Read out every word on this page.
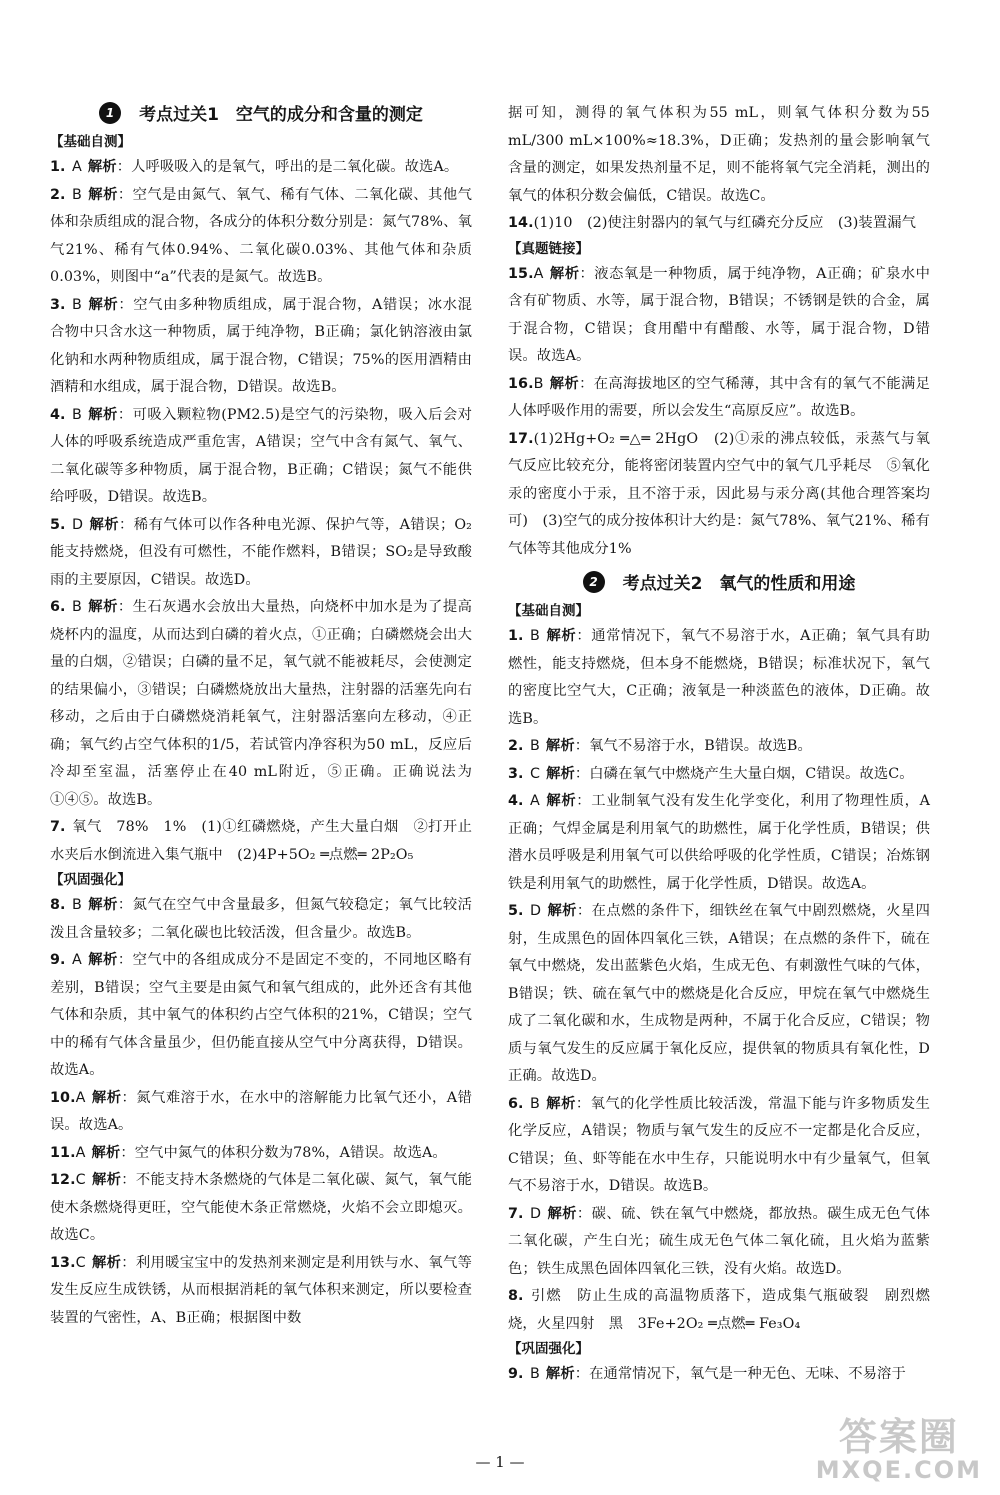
1	考点过关1　空气的成分和含量的测定

【基础自测】

1. A 解析：人呼吸吸入的是氧气，呼出的是二氧化碳。故选A。

2. B 解析：空气是由氮气、氧气、稀有气体、二氧化碳、其他气体和杂质组成的混合物，各成分的体积分数分别是：氮气78%、氧气21%、稀有气体0.94%、二氧化碳0.03%、其他气体和杂质0.03%，则图中“a”代表的是氮气。故选B。

3. B 解析：空气由多种物质组成，属于混合物，A错误；冰水混合物中只含水这一种物质，属于纯净物，B正确；氯化钠溶液由氯化钠和水两种物质组成，属于混合物，C错误；75%的医用酒精由酒精和水组成，属于混合物，D错误。故选B。

4. B 解析：可吸入颗粒物(PM2.5)是空气的污染物，吸入后会对人体的呼吸系统造成严重危害，A错误；空气中含有氮气、氧气、二氧化碳等多种物质，属于混合物，B正确；C错误；氮气不能供给呼吸，D错误。故选B。

5. D 解析：稀有气体可以作各种电光源、保护气等，A错误；O₂能支持燃烧，但没有可燃性，不能作燃料，B错误；SO₂是导致酸雨的主要原因，C错误。故选D。

6. B 解析：生石灰遇水会放出大量热，向烧杯中加水是为了提高烧杯内的温度，从而达到白磷的着火点，①正确；白磷燃烧会出大量的白烟，②错误；白磷的量不足，氧气就不能被耗尽，会使测定的结果偏小，③错误；白磷燃烧放出大量热，注射器的活塞先向右移动，之后由于白磷燃烧消耗氧气，注射器活塞向左移动，④正确；氧气约占空气体积的1/5，若试管内净容积为50 mL，反应后冷却至室温，活塞停止在40 mL附近，⑤正确。正确说法为①④⑤。故选B。

7. 氧气　78%　1%　(1)①红磷燃烧，产生大量白烟　②打开止水夹后水倒流进入集气瓶中　(2)4P+5O₂ ═点燃═ 2P₂O₅

【巩固强化】

8. B 解析：氮气在空气中含量最多，但氮气较稳定；氧气比较活泼且含量较多；二氧化碳也比较活泼，但含量少。故选B。

9. A 解析：空气中的各组成成分不是固定不变的，不同地区略有差别，B错误；空气主要是由氮气和氧气组成的，此外还含有其他气体和杂质，其中氧气的体积约占空气体积的21%，C错误；空气中的稀有气体含量虽少，但仍能直接从空气中分离获得，D错误。故选A。

10.A 解析：氮气难溶于水，在水中的溶解能力比氧气还小，A错误。故选A。

11.A 解析：空气中氮气的体积分数为78%，A错误。故选A。

12.C 解析：不能支持木条燃烧的气体是二氧化碳、氮气，氧气能使木条燃烧得更旺，空气能使木条正常燃烧，火焰不会立即熄灭。故选C。

13.C 解析：利用暖宝宝中的发热剂来测定是利用铁与水、氧气等发生反应生成铁锈，从而根据消耗的氧气体积来测定，所以要检查装置的气密性，A、B正确；根据图中数

据可知，测得的氧气体积为55 mL，则氧气体积分数为55 mL/300 mL×100%≈18.3%，D正确；发热剂的量会影响氧气含量的测定，如果发热剂量不足，则不能将氧气完全消耗，测出的氧气的体积分数会偏低，C错误。故选C。

14.(1)10　(2)使注射器内的氧气与红磷充分反应　(3)装置漏气

【真题链接】

15.A 解析：液态氧是一种物质，属于纯净物，A正确；矿泉水中含有矿物质、水等，属于混合物，B错误；不锈钢是铁的合金，属于混合物，C错误；食用醋中有醋酸、水等，属于混合物，D错误。故选A。

16.B 解析：在高海拔地区的空气稀薄，其中含有的氧气不能满足人体呼吸作用的需要，所以会发生“高原反应”。故选B。

17.(1)2Hg+O₂ ═△═ 2HgO　(2)①汞的沸点较低，汞蒸气与氧气反应比较充分，能将密闭装置内空气中的氧气几乎耗尽　⑤氧化汞的密度小于汞，且不溶于汞，因此易与汞分离(其他合理答案均可)　(3)空气的成分按体积计大约是：氮气78%、氧气21%、稀有气体等其他成分1%

2	考点过关2　氧气的性质和用途

【基础自测】

1. B 解析：通常情况下，氧气不易溶于水，A正确；氧气具有助燃性，能支持燃烧，但本身不能燃烧，B错误；标准状况下，氧气的密度比空气大，C正确；液氧是一种淡蓝色的液体，D正确。故选B。

2. B 解析：氧气不易溶于水，B错误。故选B。

3. C 解析：白磷在氧气中燃烧产生大量白烟，C错误。故选C。

4. A 解析：工业制氧气没有发生化学变化，利用了物理性质，A正确；气焊金属是利用氧气的助燃性，属于化学性质，B错误；供潜水员呼吸是利用氧气可以供给呼吸的化学性质，C错误；冶炼钢铁是利用氧气的助燃性，属于化学性质，D错误。故选A。

5. D 解析：在点燃的条件下，细铁丝在氧气中剧烈燃烧，火星四射，生成黑色的固体四氧化三铁，A错误；在点燃的条件下，硫在氧气中燃烧，发出蓝紫色火焰，生成无色、有刺激性气味的气体，B错误；铁、硫在氧气中的燃烧是化合反应，甲烷在氧气中燃烧生成了二氧化碳和水，生成物是两种，不属于化合反应，C错误；物质与氧气发生的反应属于氧化反应，提供氧的物质具有氧化性，D正确。故选D。

6. B 解析：氧气的化学性质比较活泼，常温下能与许多物质发生化学反应，A错误；物质与氧气发生的反应不一定都是化合反应，C错误；鱼、虾等能在水中生存，只能说明水中有少量氧气，但氧气不易溶于水，D错误。故选B。

7. D 解析：碳、硫、铁在氧气中燃烧，都放热。碳生成无色气体二氧化碳，产生白光；硫生成无色气体二氧化硫，且火焰为蓝紫色；铁生成黑色固体四氧化三铁，没有火焰。故选D。

8. 引燃　防止生成的高温物质落下，造成集气瓶破裂　剧烈燃烧，火星四射　黑　3Fe+2O₂ ═点燃═ Fe₃O₄

【巩固强化】

9. B 解析：在通常情况下，氧气是一种无色、无味、不易溶于

— 1 —
答案圈
MXQE.COM
